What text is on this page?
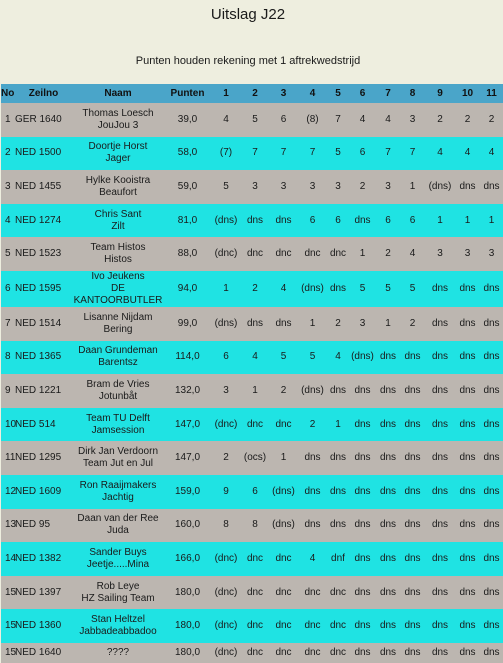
Uitslag J22
Punten houden rekening met 1 aftrekwedstrijd
No	Zeilno	Naam	Punten	1	2	3	4	5	6	7	8	9	10	11
1	GER 1640	Thomas Loesch
JouJou 3	39,0	4	5	6	(8)	7	4	4	3	2	2	2
2	NED 1500	Doortje Horst
Jager	58,0	(7)	7	7	7	5	6	7	7	4	4	4
3	NED 1455	Hylke Kooistra
Beaufort	59,0	5	3	3	3	3	2	3	1	(dns)	dns	dns
4	NED 1274	Chris Sant
Zilt	81,0	(dns)	dns	dns	6	6	dns	6	6	1	1	1
5	NED 1523	Team Histos
Histos	88,0	(dnc)	dnc	dnc	dnc	dnc	1	2	4	3	3	3
6	NED 1595	Ivo Jeukens
DE KANTOORBUTLER	94,0	1	2	4	(dns)	dns	5	5	5	dns	dns	dns
7	NED 1514	Lisanne Nijdam
Bering	99,0	(dns)	dns	dns	1	2	3	1	2	dns	dns	dns
8	NED 1365	Daan Grundeman
Barentsz	114,0	6	4	5	5	4	(dns)	dns	dns	dns	dns	dns
9	NED 1221	Bram de Vries
Jotunbåt	132,0	3	1	2	(dns)	dns	dns	dns	dns	dns	dns	dns
10	NED 514	Team TU Delft
Jamsession	147,0	(dnc)	dnc	dnc	2	1	dns	dns	dns	dns	dns	dns
11	NED 1295	Dirk Jan Verdoorn
Team Jut en Jul	147,0	2	(ocs)	1	dns	dns	dns	dns	dns	dns	dns	dns
12	NED 1609	Ron Raaijmakers
Jachtig	159,0	9	6	(dns)	dns	dns	dns	dns	dns	dns	dns	dns
13	NED 95	Daan van der Ree
Juda	160,0	8	8	(dns)	dns	dns	dns	dns	dns	dns	dns	dns
14	NED 1382	Sander Buys
Jeetje.....Mina	166,0	(dnc)	dnc	dnc	4	dnf	dns	dns	dns	dns	dns	dns
15	NED 1397	Rob Leye
HZ Sailing Team	180,0	(dnc)	dnc	dnc	dnc	dnc	dns	dns	dns	dns	dns	dns
15	NED 1360	Stan Heltzel
Jabbadeabbadoo	180,0	(dnc)	dnc	dnc	dnc	dnc	dns	dns	dns	dns	dns	dns
15	NED 1640	????	180,0	(dnc)	dnc	dnc	dnc	dnc	dns	dns	dns	dns	dns	dns
